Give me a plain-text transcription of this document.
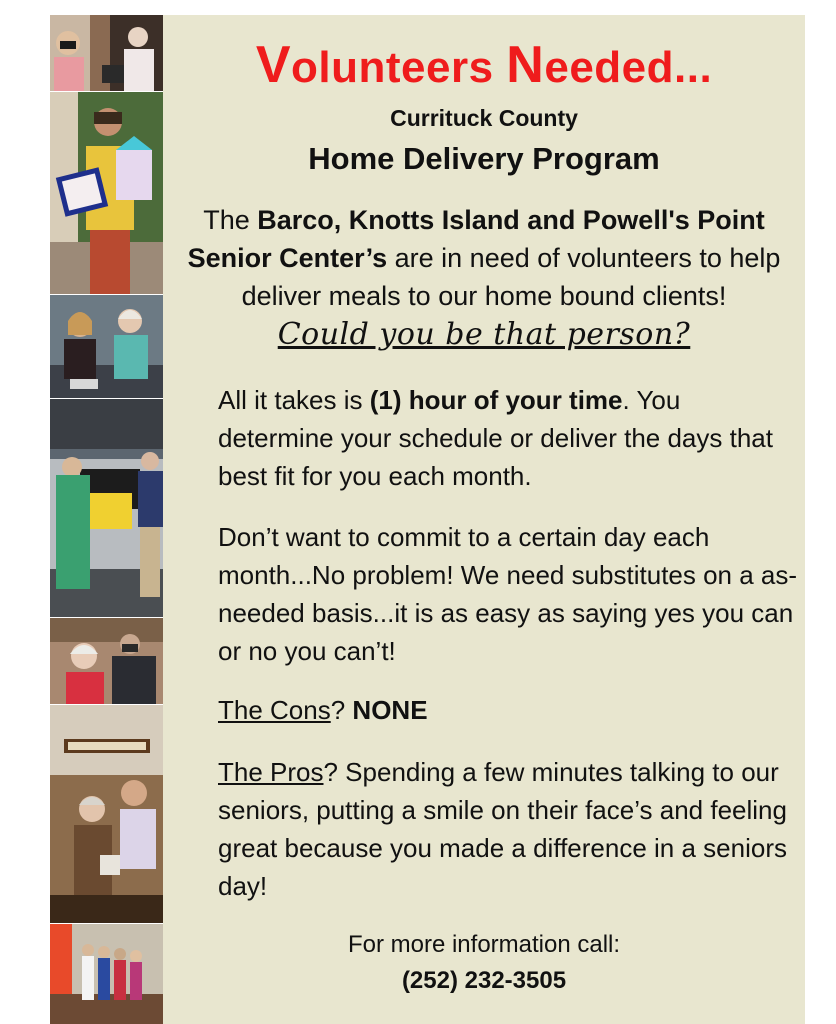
Volunteers Needed...
Currituck County
Home Delivery Program
The Barco, Knotts Island and Powell's Point Senior Center’s are in need of volunteers to help deliver meals to our home bound clients!
Could you be that person?
All it takes is (1) hour of your time. You determine your schedule or deliver the days that best fit for you each month.
Don’t want to commit to a certain day each month...No problem! We need substitutes on a as-needed basis...it is as easy as saying yes you can or no you can’t!
The Cons? NONE
The Pros? Spending a few minutes talking to our seniors, putting a smile on their face’s and feeling great because you made a difference in a seniors day!
For more information call:
(252) 232-3505
